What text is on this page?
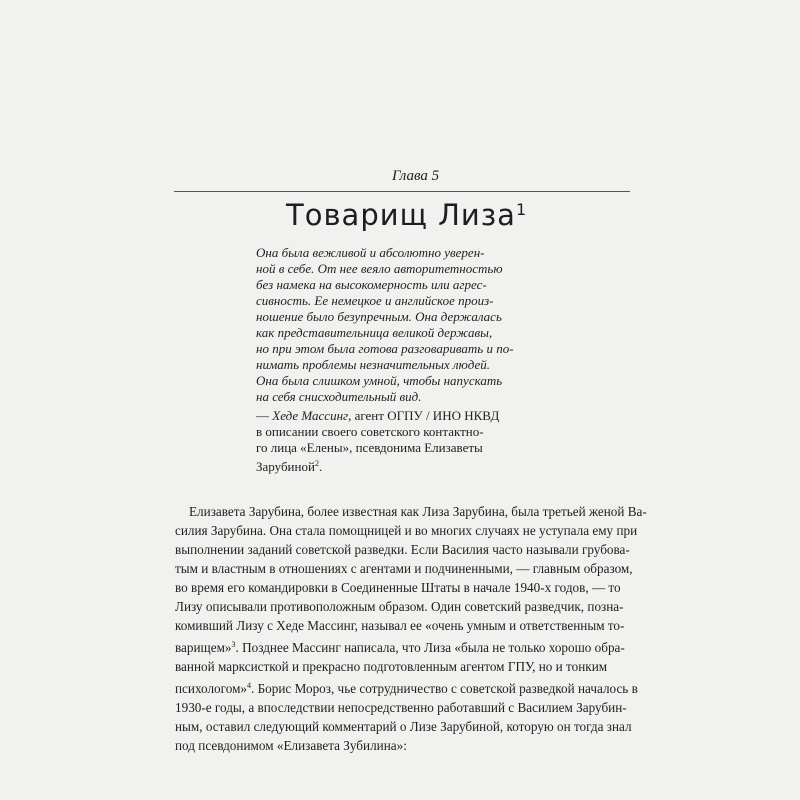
Глава 5
Товарищ Лиза$^1$
Она была вежливой и абсолютно уверен-
ной в себе. От нее веяло авторитетностью
без намека на высокомерность или агрес-
сивность. Ее немецкое и английское произ-
ношение было безупречным. Она держалась
как представительница великой державы,
но при этом была готова разговаривать и по-
нимать проблемы незначительных людей.
Она была слишком умной, чтобы напускать
на себя снисходительный вид.
— Хеде Массинг, агент ОГПУ / ИНО НКВД
в описании своего советского контактно-
го лица «Елены», псевдонима Елизаветы
Зарубиной$^2$.
Елизавета Зарубина, более известная как Лиза Зарубина, была третьей женой Ва-
силия Зарубина. Она стала помощницей и во многих случаях не уступала ему при
выполнении заданий советской разведки. Если Василия часто называли грубова-
тым и властным в отношениях с агентами и подчиненными, — главным образом,
во время его командировки в Соединенные Штаты в начале 1940-х годов, — то
Лизу описывали противоположным образом. Один советский разведчик, позна-
комивший Лизу с Хеде Массинг, называл ее «очень умным и ответственным то-
варищем»$^3$. Позднее Массинг написала, что Лиза «была не только хорошо обра-
ванной марксисткой и прекрасно подготовленным агентом ГПУ, но и тонким
психологом»$^4$. Борис Мороз, чье сотрудничество с советской разведкой началось в
1930-е годы, а впоследствии непосредственно работавший с Василием Зарубин-
ным, оставил следующий комментарий о Лизе Зарубиной, которую он тогда знал
под псевдонимом «Елизавета Зубилина»:
